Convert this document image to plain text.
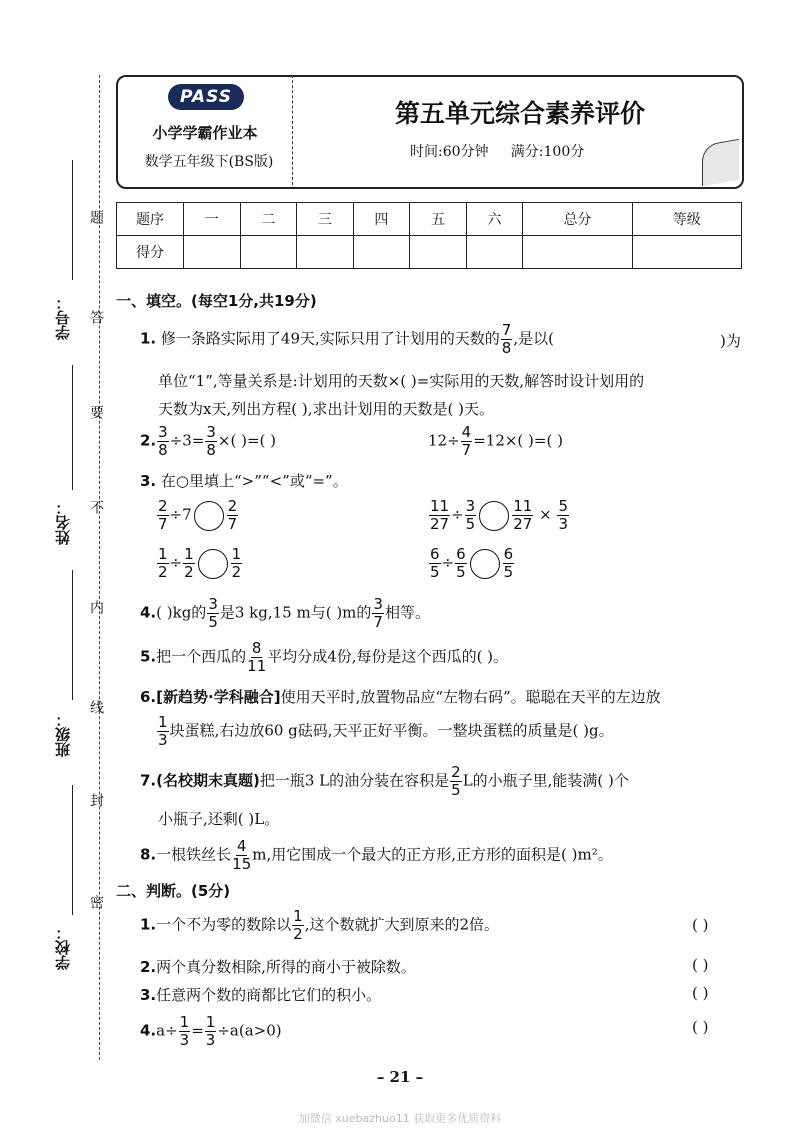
题
答
要
不
内
线
封
密
学号：
姓名：
班级：
学校：
PASS
小学学霸作业本
数学五年级下(BS版)
第五单元综合素养评价
时间:60分钟 满分:100分
题序	一	二	三	四	五	六	总分	等级
得分								
一、填空。(每空1分,共19分)
1. 修一条路实际用了49天,实际只用了计划用的天数的 $\frac{7}{8}$ ,是以(	)为
单位“1”,等量关系是:计划用的天数×( )=实际用的天数,解答时设计划用的
天数为x天,列出方程( ),求出计划用的天数是( )天。
2. $\frac{3}{8} \div 3= \frac{3}{8}$ ×( )=( )	$12\div \frac{4}{7} =12\times$( )=( )
3. 在○里填上“>”“<”或“=”。
$\frac{2}{7} \div 7 \frac{2}{7}$	$\frac{11}{27} \div \frac{3}{5} \frac{11}{27} \times \frac{5}{3}$
$\frac{1}{2} \div \frac{1}{2} \frac{1}{2}$	$\frac{6}{5} \div \frac{6}{5} \frac{6}{5}$
4.( )kg的 $\frac{3}{5}$ 是3 kg,15 m与( )m的 $\frac{3}{7}$ 相等。
5.把一个西瓜的 $\frac{8}{11}$ 平均分成4份,每份是这个西瓜的( )。
6.[新趋势·学科融合]使用天平时,放置物品应“左物右码”。聪聪在天平的左边放
$\frac{1}{3}$ 块蛋糕,右边放60 g砝码,天平正好平衡。一整块蛋糕的质量是( )g。
7.(名校期末真题)把一瓶3 L的油分装在容积是 $\frac{2}{5}$ L的小瓶子里,能装满( )个
小瓶子,还剩( )L。
8.一根铁丝长 $\frac{4}{15} m$,用它围成一个最大的正方形,正方形的面积是( )m²。
二、判断。(5分)
1.一个不为零的数除以 $\frac{1}{2}$ ,这个数就扩大到原来的2倍。	( )
2.两个真分数相除,所得的商小于被除数。	( )
3.任意两个数的商都比它们的积小。	( )
$4.a\div \frac{1}{3} = \frac{1}{3} \div a(a>0)$	( )
– 21 –
加微信 xuebazhuo11 获取更多优质资料
